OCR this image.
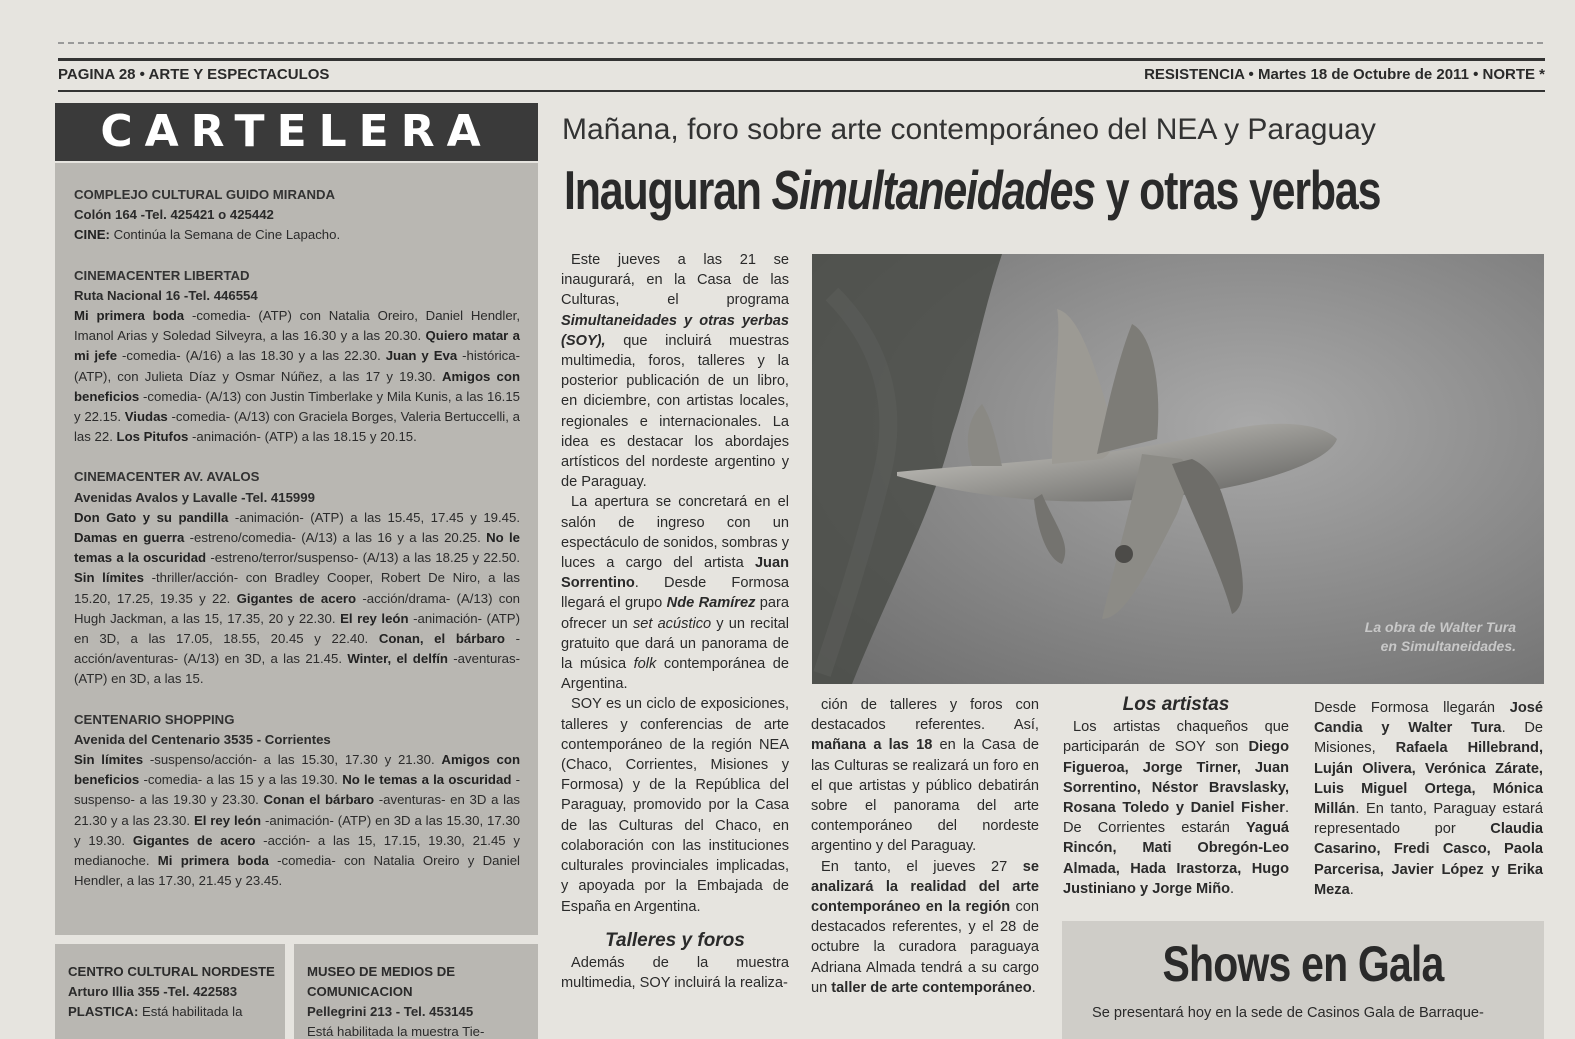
PAGINA 28 • ARTE Y ESPECTACULOS	RESISTENCIA • Martes 18 de Octubre de 2011 • NORTE *
CARTELERA
COMPLEJO CULTURAL GUIDO MIRANDA
Colón 164 -Tel. 425421 o 425442
CINE: Continúa la Semana de Cine Lapacho.
CINEMACENTER LIBERTAD
Ruta Nacional 16 -Tel. 446554
Mi primera boda -comedia- (ATP) con Natalia Oreiro, Daniel Hendler, Imanol Arias y Soledad Silveyra, a las 16.30 y a las 20.30. Quiero matar a mi jefe -comedia- (A/16) a las 18.30 y a las 22.30. Juan y Eva -histórica- (ATP), con Julieta Díaz y Osmar Núñez, a las 17 y 19.30. Amigos con beneficios -comedia- (A/13) con Justin Timberlake y Mila Kunis, a las 16.15 y 22.15. Viudas -comedia- (A/13) con Graciela Borges, Valeria Bertuccelli, a las 22. Los Pitufos -animación- (ATP) a las 18.15 y 20.15.
CINEMACENTER AV. AVALOS
Avenidas Avalos y Lavalle -Tel. 415999
Don Gato y su pandilla -animación- (ATP) a las 15.45, 17.45 y 19.45. Damas en guerra -estreno/comedia- (A/13) a las 16 y a las 20.25. No le temas a la oscuridad -estreno/terror/suspenso- (A/13) a las 18.25 y 22.50. Sin límites -thriller/acción- con Bradley Cooper, Robert De Niro, a las 15.20, 17.25, 19.35 y 22. Gigantes de acero -acción/drama- (A/13) con Hugh Jackman, a las 15, 17.35, 20 y 22.30. El rey león -animación- (ATP) en 3D, a las 17.05, 18.55, 20.45 y 22.40. Conan, el bárbaro -acción/aventuras- (A/13) en 3D, a las 21.45. Winter, el delfín -aventuras- (ATP) en 3D, a las 15.
CENTENARIO SHOPPING
Avenida del Centenario 3535 - Corrientes
Sin límites -suspenso/acción- a las 15.30, 17.30 y 21.30. Amigos con beneficios -comedia- a las 15 y a las 19.30. No le temas a la oscuridad -suspenso- a las 19.30 y 23.30. Conan el bárbaro -aventuras- en 3D a las 21.30 y a las 23.30. El rey león -animación- (ATP) en 3D a las 15.30, 17.30 y 19.30. Gigantes de acero -acción- a las 15, 17.15, 19.30, 21.45 y medianoche. Mi primera boda -comedia- con Natalia Oreiro y Daniel Hendler, a las 17.30, 21.45 y 23.45.
CENTRO CULTURAL NORDESTE
Arturo Illia 355 -Tel. 422583
PLASTICA: Está habilitada la
MUSEO DE MEDIOS DE COMUNICACION
Pellegrini 213 - Tel. 453145
Está habilitada la muestra Tie-
Mañana, foro sobre arte contemporáneo del NEA y Paraguay
Inauguran Simultaneidades y otras yerbas

Este jueves a las 21 se inaugurará, en la Casa de las Culturas, el programa Simultaneidades y otras yerbas (SOY), que incluirá muestras multimedia, foros, talleres y la posterior publicación de un libro, en diciembre, con artistas locales, regionales e internacionales. La idea es destacar los abordajes artísticos del nordeste argentino y de Paraguay.

La apertura se concretará en el salón de ingreso con un espectáculo de sonidos, sombras y luces a cargo del artista Juan Sorrentino. Desde Formosa llegará el grupo Nde Ramírez para ofrecer un set acústico y un recital gratuito que dará un panorama de la música folk contemporánea de Argentina.

SOY es un ciclo de exposiciones, talleres y conferencias de arte contemporáneo de la región NEA (Chaco, Corrientes, Misiones y Formosa) y de la República del Paraguay, promovido por la Casa de las Culturas del Chaco, en colaboración con las instituciones culturales provinciales implicadas, y apoyada por la Embajada de España en Argentina.

Talleres y foros

Además de la muestra multimedia, SOY incluirá la realiza-

La obra de Walter Tura
en Simultaneidades.

ción de talleres y foros con destacados referentes. Así, mañana a las 18 en la Casa de las Culturas se realizará un foro en el que artistas y público debatirán sobre el panorama del arte contemporáneo del nordeste argentino y del Paraguay.

En tanto, el jueves 27 se analizará la realidad del arte contemporáneo en la región con destacados referentes, y el 28 de octubre la curadora paraguaya Adriana Almada tendrá a su cargo un taller de arte contemporáneo.

Los artistas

Los artistas chaqueños que participarán de SOY son Diego Figueroa, Jorge Tirner, Juan Sorrentino, Néstor Bravslasky, Rosana Toledo y Daniel Fisher. De Corrientes estarán Yaguá Rincón, Mati Obregón-Leo Almada, Hada Irastorza, Hugo Justiniano y Jorge Miño.

Desde Formosa llegarán José Candia y Walter Tura. De Misiones, Rafaela Hillebrand, Luján Olivera, Verónica Zárate, Luis Miguel Ortega, Mónica Millán. En tanto, Paraguay estará representado por Claudia Casarino, Fredi Casco, Paola Parcerisa, Javier López y Erika Meza.

Shows en Gala
Se presentará hoy en la sede de Casinos Gala de Barraque-
